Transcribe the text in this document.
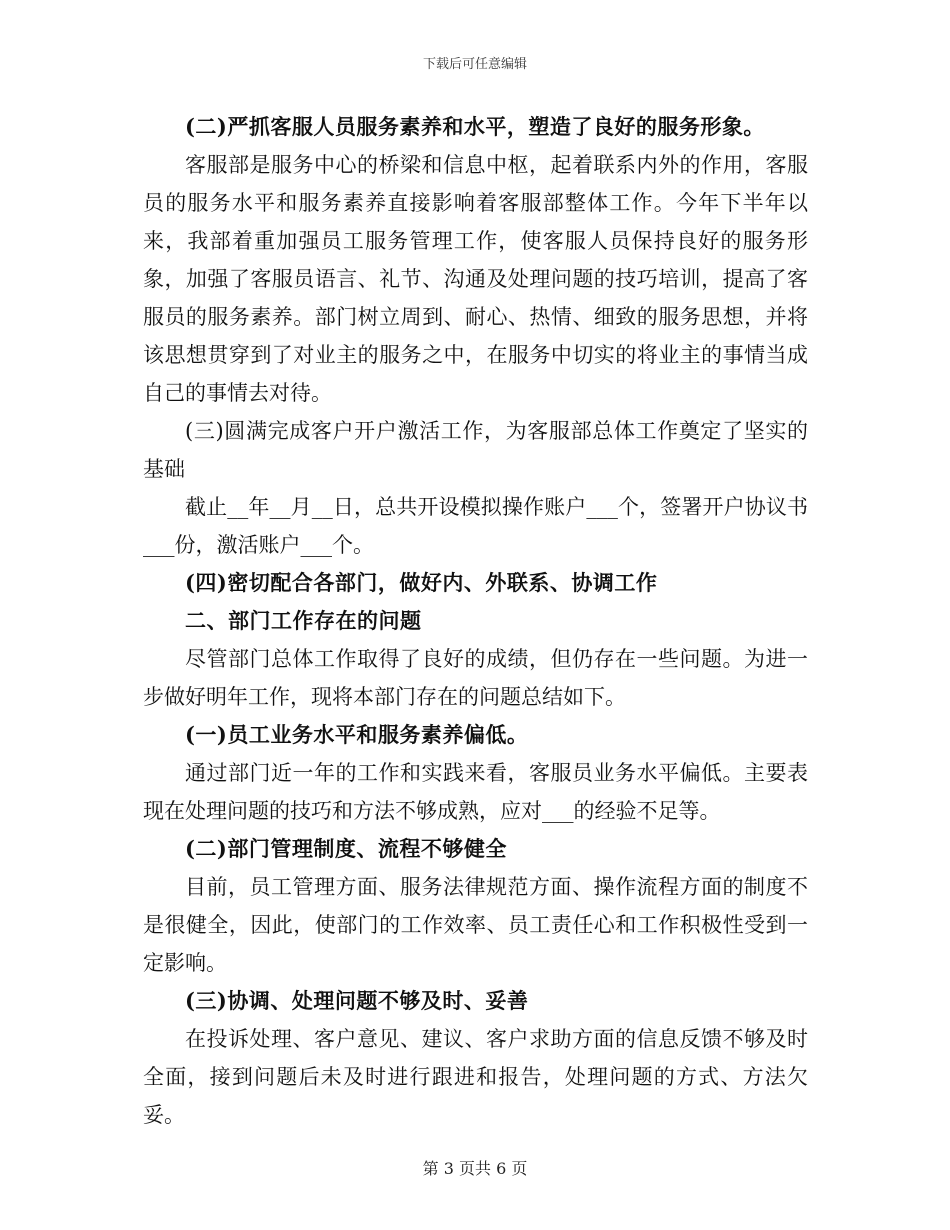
下载后可任意编辑

(二)严抓客服人员服务素养和水平，塑造了良好的服务形象。

客服部是服务中心的桥梁和信息中枢，起着联系内外的作用，客服员的服务水平和服务素养直接影响着客服部整体工作。今年下半年以来，我部着重加强员工服务管理工作，使客服人员保持良好的服务形象，加强了客服员语言、礼节、沟通及处理问题的技巧培训，提高了客服员的服务素养。部门树立周到、耐心、热情、细致的服务思想，并将该思想贯穿到了对业主的服务之中，在服务中切实的将业主的事情当成自己的事情去对待。

(三)圆满完成客户开户激活工作，为客服部总体工作奠定了坚实的基础

截止__年__月__日，总共开设模拟操作账户___个，签署开户协议书___份，激活账户___个。

(四)密切配合各部门，做好内、外联系、协调工作

二、部门工作存在的问题

尽管部门总体工作取得了良好的成绩，但仍存在一些问题。为进一步做好明年工作，现将本部门存在的问题总结如下。

(一)员工业务水平和服务素养偏低。

通过部门近一年的工作和实践来看，客服员业务水平偏低。主要表现在处理问题的技巧和方法不够成熟，应对___的经验不足等。

(二)部门管理制度、流程不够健全

目前，员工管理方面、服务法律规范方面、操作流程方面的制度不是很健全，因此，使部门的工作效率、员工责任心和工作积极性受到一定影响。

(三)协调、处理问题不够及时、妥善

在投诉处理、客户意见、建议、客户求助方面的信息反馈不够及时全面，接到问题后未及时进行跟进和报告，处理问题的方式、方法欠妥。

第 3 页共 6 页
